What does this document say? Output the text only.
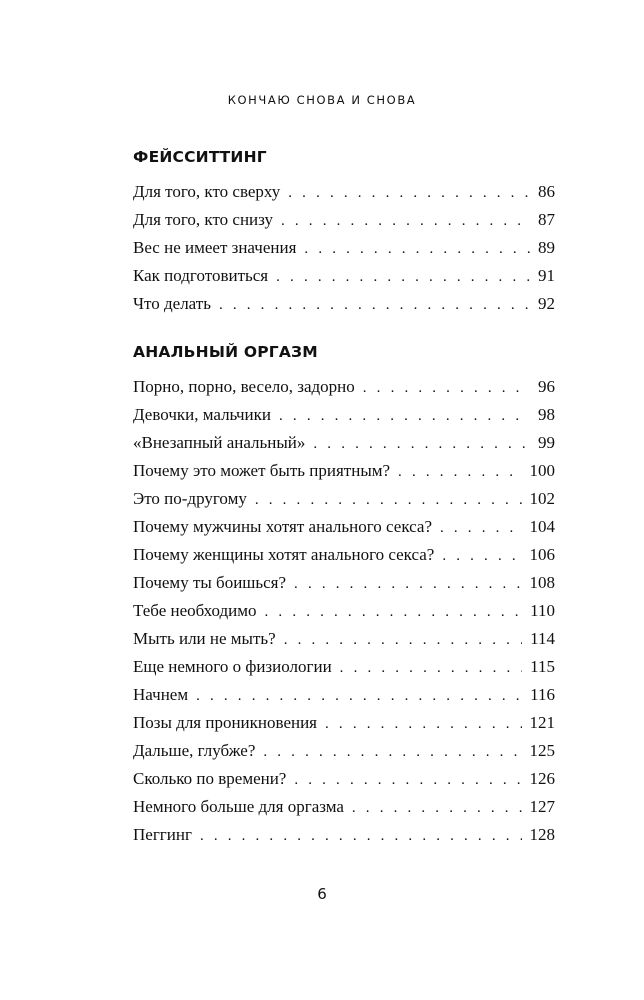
КОНЧАЮ СНОВА И СНОВА
ФЕЙССИТТИНГ
Для того, кто сверху . . .	86
Для того, кто снизу . . .	87
Вес не имеет значения . . .	89
Как подготовиться . . .	91
Что делать . . .	92
АНАЛЬНЫЙ ОРГАЗМ
Порно, порно, весело, задорно . . .	96
Девочки, мальчики . . .	98
«Внезапный анальный» . . .	99
Почему это может быть приятным? . . .	100
Это по-другому . . .	102
Почему мужчины хотят анального секса? . . .	104
Почему женщины хотят анального секса? . . .	106
Почему ты боишься? . . .	108
Тебе необходимо . . .	110
Мыть или не мыть? . . .	114
Еще немного о физиологии . . .	115
Начнем . . .	116
Позы для проникновения . . .	121
Дальше, глубже? . . .	125
Сколько по времени? . . .	126
Немного больше для оргазма . . .	127
Пеггинг . . .	128
6
